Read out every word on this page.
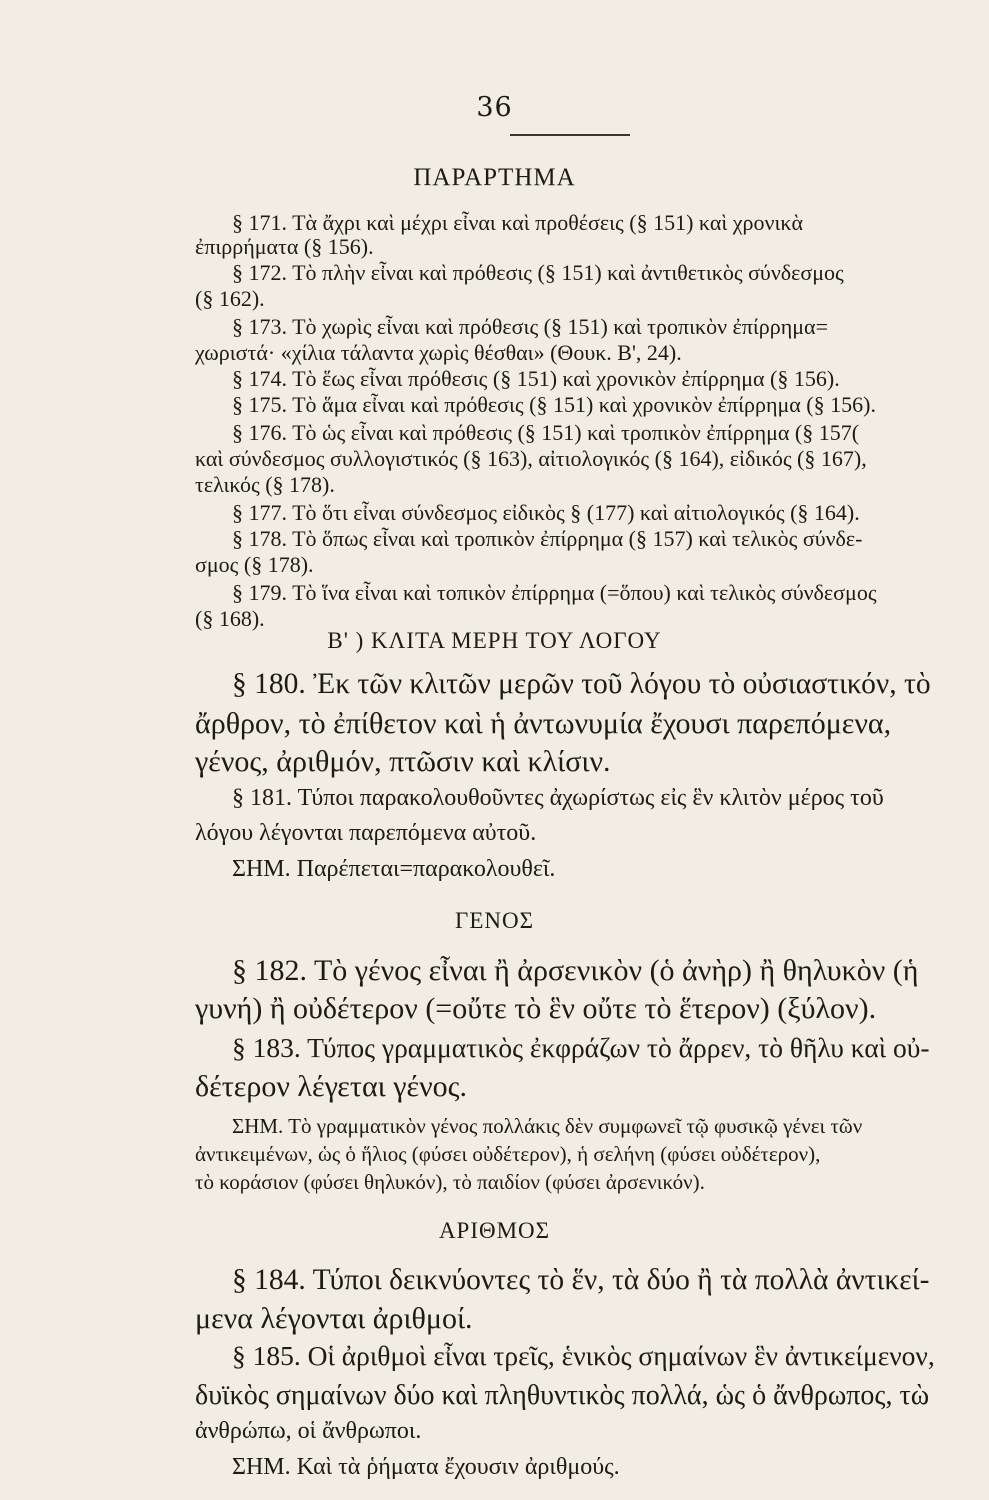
36
ΠΑΡΑΡΤΗΜΑ
§ 171. Τὰ ἄχρι καὶ μέχρι εἶναι καὶ προθέσεις (§ 151) καὶ χρονικὰ
ἐπιρρήματα (§ 156).
§ 172. Τὸ πλὴν εἶναι καὶ πρόθεσις (§ 151) καὶ ἀντιθετικὸς σύνδεσμος
(§ 162).
§ 173. Τὸ χωρὶς εἶναι καὶ πρόθεσις (§ 151) καὶ τροπικὸν ἐπίρρημα=
χωριστά· «χίλια τάλαντα χωρὶς θέσθαι» (Θουκ. Β', 24).
§ 174. Τὸ ἕως εἶναι πρόθεσις (§ 151) καὶ χρονικὸν ἐπίρρημα (§ 156).
§ 175. Τὸ ἅμα εἶναι καὶ πρόθεσις (§ 151) καὶ χρονικὸν ἐπίρρημα (§ 156).
§ 176. Τὸ ὡς εἶναι καὶ πρόθεσις (§ 151) καὶ τροπικὸν ἐπίρρημα (§ 157(
καὶ σύνδεσμος συλλογιστικός (§ 163), αἰτιολογικός (§ 164), εἰδικός (§ 167),
τελικός (§ 178).
§ 177. Τὸ ὅτι εἶναι σύνδεσμος εἰδικὸς § (177) καὶ αἰτιολογικός (§ 164).
§ 178. Τὸ ὅπως εἶναι καὶ τροπικὸν ἐπίρρημα (§ 157) καὶ τελικὸς σύνδε-
σμος (§ 178).
§ 179. Τὸ ἵνα εἶναι καὶ τοπικὸν ἐπίρρημα (=ὅπου) καὶ τελικὸς σύνδεσμος
(§ 168).
Β' ) ΚΛΙΤΑ ΜΕΡΗ ΤΟΥ ΛΟΓΟΥ
§ 180. Ἐκ τῶν κλιτῶν μερῶν τοῦ λόγου τὸ οὐσιαστικόν, τὸ
ἄρθρον, τὸ ἐπίθετον καὶ ἡ ἀντωνυμία ἔχουσι παρεπόμενα,
γένος, ἀριθμόν, πτῶσιν καὶ κλίσιν.
§ 181. Τύποι παρακολουθοῦντες ἀχωρίστως εἰς ἓν κλιτὸν μέρος τοῦ
λόγου λέγονται παρεπόμενα αὐτοῦ.
ΣΗΜ. Παρέπεται=παρακολουθεῖ.
ΓΕΝΟΣ
§ 182. Τὸ γένος εἶναι ἢ ἀρσενικὸν (ὁ ἀνὴρ) ἢ θηλυκὸν (ἡ
γυνή) ἢ οὐδέτερον (=οὔτε τὸ ἓν οὔτε τὸ ἕτερον) (ξύλον).
§ 183. Τύπος γραμματικὸς ἐκφράζων τὸ ἄρρεν, τὸ θῆλυ καὶ οὐ-
δέτερον λέγεται γένος.
ΣΗΜ. Τὸ γραμματικὸν γένος πολλάκις δὲν συμφωνεῖ τῷ φυσικῷ γένει τῶν
ἀντικειμένων, ὡς ὁ ἥλιος (φύσει οὐδέτερον), ἡ σελήνη (φύσει οὐδέτερον),
τὸ κοράσιον (φύσει θηλυκόν), τὸ παιδίον (φύσει ἀρσενικόν).
ΑΡΙΘΜΟΣ
§ 184. Τύποι δεικνύοντες τὸ ἕν, τὰ δύο ἢ τὰ πολλὰ ἀντικεί-
μενα λέγονται ἀριθμοί.
§ 185. Οἱ ἀριθμοὶ εἶναι τρεῖς, ἑνικὸς σημαίνων ἓν ἀντικείμενον,
δυϊκὸς σημαίνων δύο καὶ πληθυντικὸς πολλά, ὡς ὁ ἄνθρωπος, τὼ
ἀνθρώπω, οἱ ἄνθρωποι.
ΣΗΜ. Καὶ τὰ ῥήματα ἔχουσιν ἀριθμούς.
